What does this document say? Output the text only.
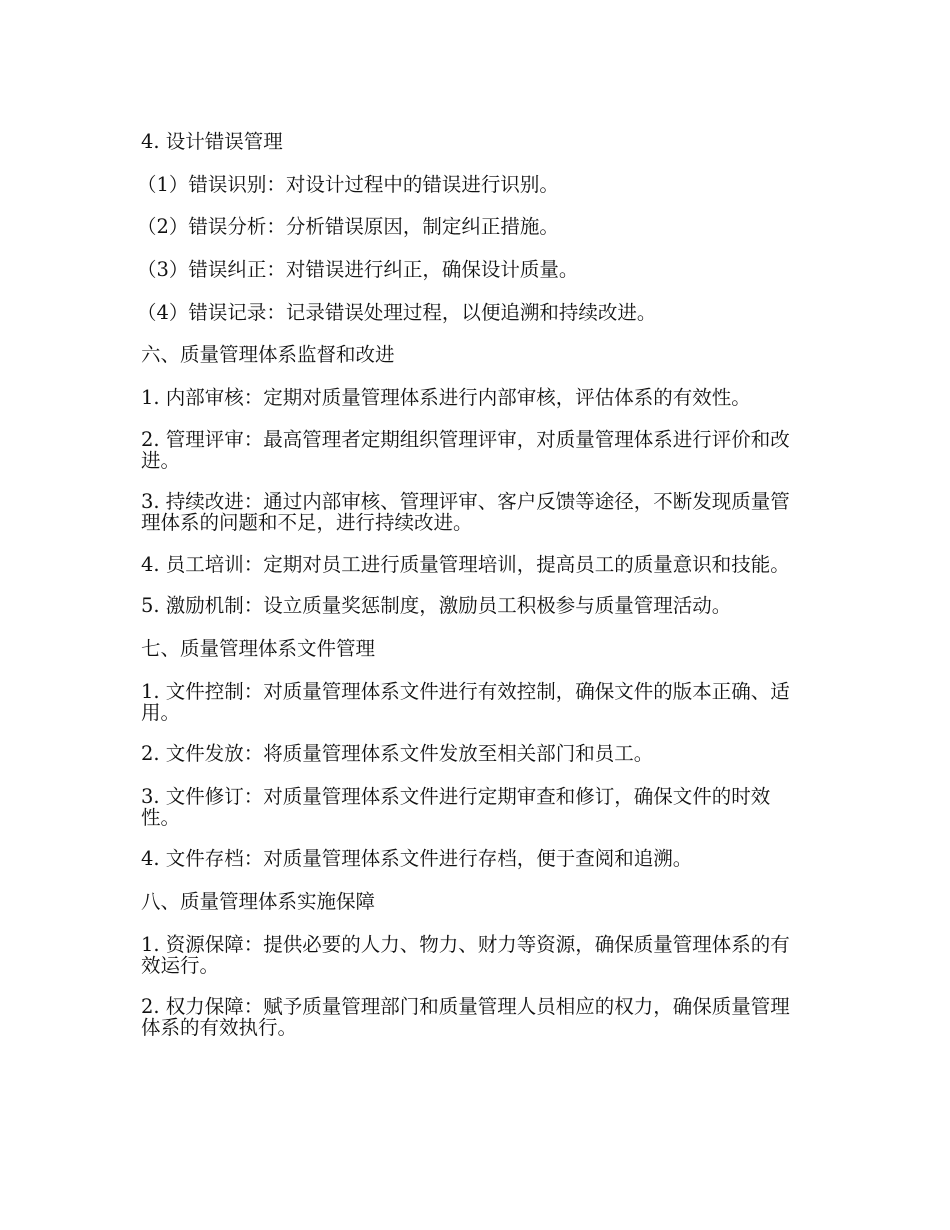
4. 设计错误管理

（1）错误识别：对设计过程中的错误进行识别。

（2）错误分析：分析错误原因，制定纠正措施。

（3）错误纠正：对错误进行纠正，确保设计质量。

（4）错误记录：记录错误处理过程，以便追溯和持续改进。

六、质量管理体系监督和改进

1. 内部审核：定期对质量管理体系进行内部审核，评估体系的有效性。

2. 管理评审：最高管理者定期组织管理评审，对质量管理体系进行评价和改进。

3. 持续改进：通过内部审核、管理评审、客户反馈等途径，不断发现质量管理体系的问题和不足，进行持续改进。

4. 员工培训：定期对员工进行质量管理培训，提高员工的质量意识和技能。

5. 激励机制：设立质量奖惩制度，激励员工积极参与质量管理活动。

七、质量管理体系文件管理

1. 文件控制：对质量管理体系文件进行有效控制，确保文件的版本正确、适用。

2. 文件发放：将质量管理体系文件发放至相关部门和员工。

3. 文件修订：对质量管理体系文件进行定期审查和修订，确保文件的时效性。

4. 文件存档：对质量管理体系文件进行存档，便于查阅和追溯。

八、质量管理体系实施保障

1. 资源保障：提供必要的人力、物力、财力等资源，确保质量管理体系的有效运行。

2. 权力保障：赋予质量管理部门和质量管理人员相应的权力，确保质量管理体系的有效执行。
